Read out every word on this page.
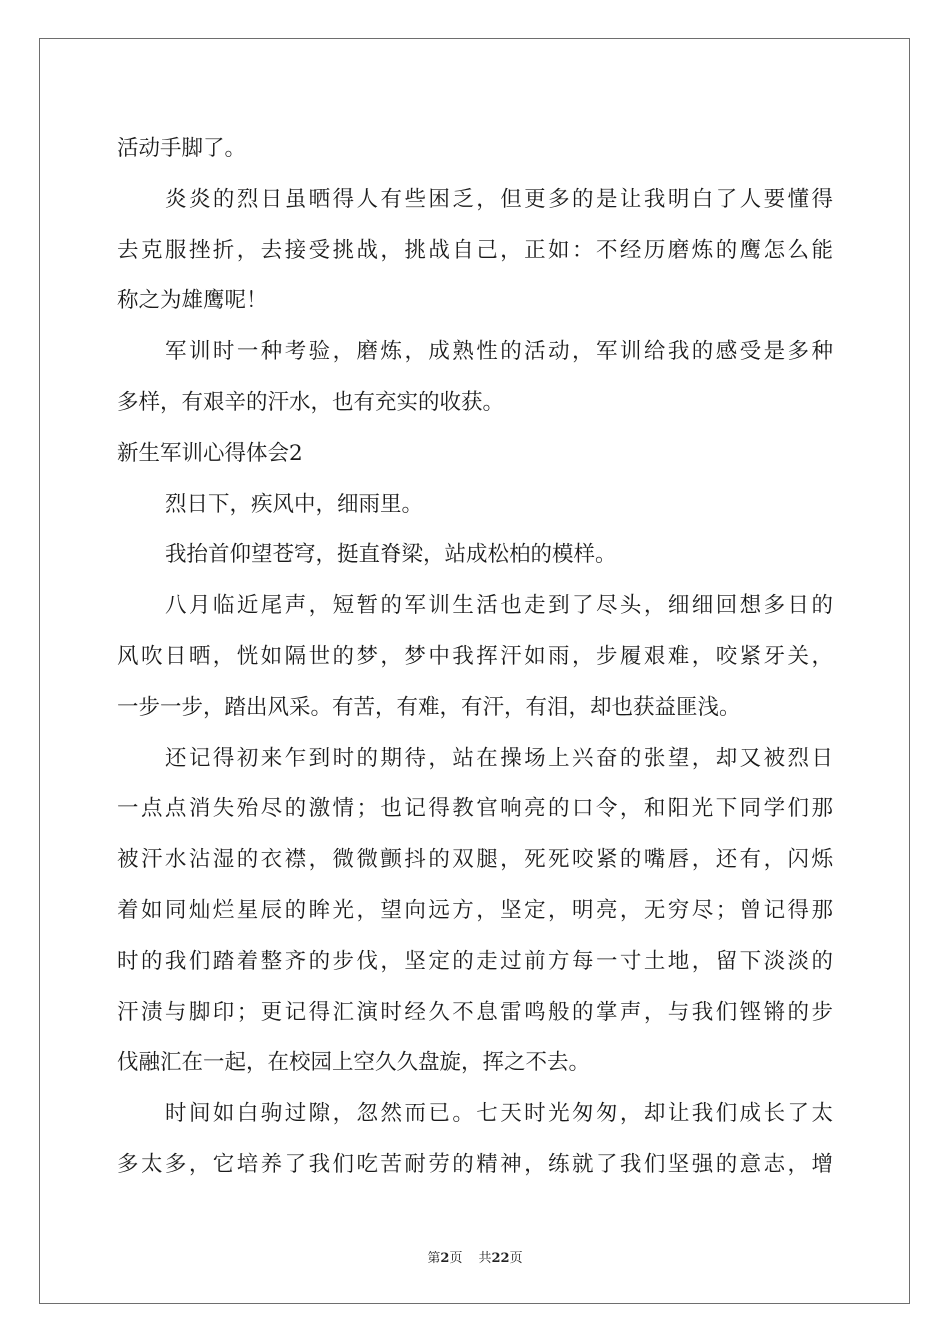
活动手脚了。
炎炎的烈日虽晒得人有些困乏，但更多的是让我明白了人要懂得
去克服挫折，去接受挑战，挑战自己，正如：不经历磨炼的鹰怎么能
称之为雄鹰呢！
军训时一种考验，磨炼，成熟性的活动，军训给我的感受是多种
多样，有艰辛的汗水，也有充实的收获。
新生军训心得体会2
烈日下，疾风中，细雨里。
我抬首仰望苍穹，挺直脊梁，站成松柏的模样。
八月临近尾声，短暂的军训生活也走到了尽头，细细回想多日的
风吹日晒，恍如隔世的梦，梦中我挥汗如雨，步履艰难，咬紧牙关，
一步一步，踏出风采。有苦，有难，有汗，有泪，却也获益匪浅。
还记得初来乍到时的期待，站在操场上兴奋的张望，却又被烈日
一点点消失殆尽的激情；也记得教官响亮的口令，和阳光下同学们那
被汗水沾湿的衣襟，微微颤抖的双腿，死死咬紧的嘴唇，还有，闪烁
着如同灿烂星辰的眸光，望向远方，坚定，明亮，无穷尽；曾记得那
时的我们踏着整齐的步伐，坚定的走过前方每一寸土地，留下淡淡的
汗渍与脚印；更记得汇演时经久不息雷鸣般的掌声，与我们铿锵的步
伐融汇在一起，在校园上空久久盘旋，挥之不去。
时间如白驹过隙，忽然而已。七天时光匆匆，却让我们成长了太
多太多，它培养了我们吃苦耐劳的精神，练就了我们坚强的意志，增
第2页 共22页
